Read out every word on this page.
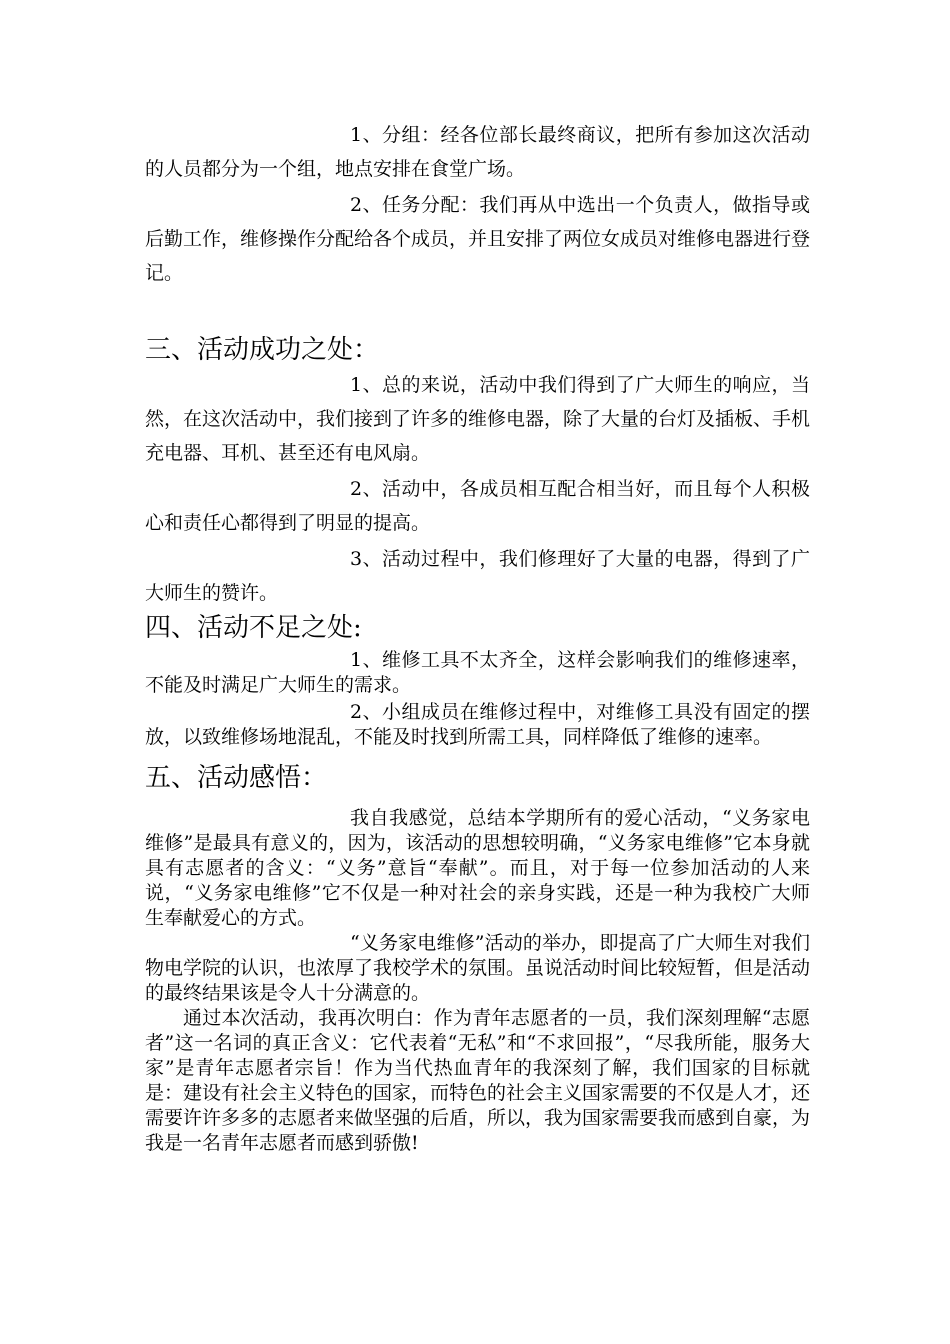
1、分组：经各位部长最终商议，把所有参加这次活动的人员都分为一个组，地点安排在食堂广场。

2、任务分配：我们再从中选出一个负责人，做指导或后勤工作，维修操作分配给各个成员，并且安排了两位女成员对维修电器进行登记。

三、活动成功之处：

1、总的来说，活动中我们得到了广大师生的响应，当然，在这次活动中，我们接到了许多的维修电器，除了大量的台灯及插板、手机充电器、耳机、甚至还有电风扇。

2、活动中，各成员相互配合相当好，而且每个人积极心和责任心都得到了明显的提高。

3、活动过程中，我们修理好了大量的电器，得到了广大师生的赞许。

四、活动不足之处:

1、维修工具不太齐全，这样会影响我们的维修速率，不能及时满足广大师生的需求。

2、小组成员在维修过程中，对维修工具没有固定的摆放，以致维修场地混乱，不能及时找到所需工具，同样降低了维修的速率。

五、活动感悟：

我自我感觉，总结本学期所有的爱心活动，“义务家电维修”是最具有意义的，因为，该活动的思想较明确，“义务家电维修”它本身就具有志愿者的含义：“义务”意旨“奉献”。而且，对于每一位参加活动的人来说，“义务家电维修”它不仅是一种对社会的亲身实践，还是一种为我校广大师生奉献爱心的方式。

“义务家电维修”活动的举办，即提高了广大师生对我们物电学院的认识，也浓厚了我校学术的氛围。虽说活动时间比较短暂，但是活动的最终结果该是令人十分满意的。

通过本次活动，我再次明白：作为青年志愿者的一员，我们深刻理解“志愿者”这一名词的真正含义：它代表着“无私”和“不求回报”，“尽我所能，服务大家”是青年志愿者宗旨！作为当代热血青年的我深刻了解，我们国家的目标就是：建设有社会主义特色的国家，而特色的社会主义国家需要的不仅是人才，还需要许许多多的志愿者来做坚强的后盾，所以，我为国家需要我而感到自豪，为我是一名青年志愿者而感到骄傲!
